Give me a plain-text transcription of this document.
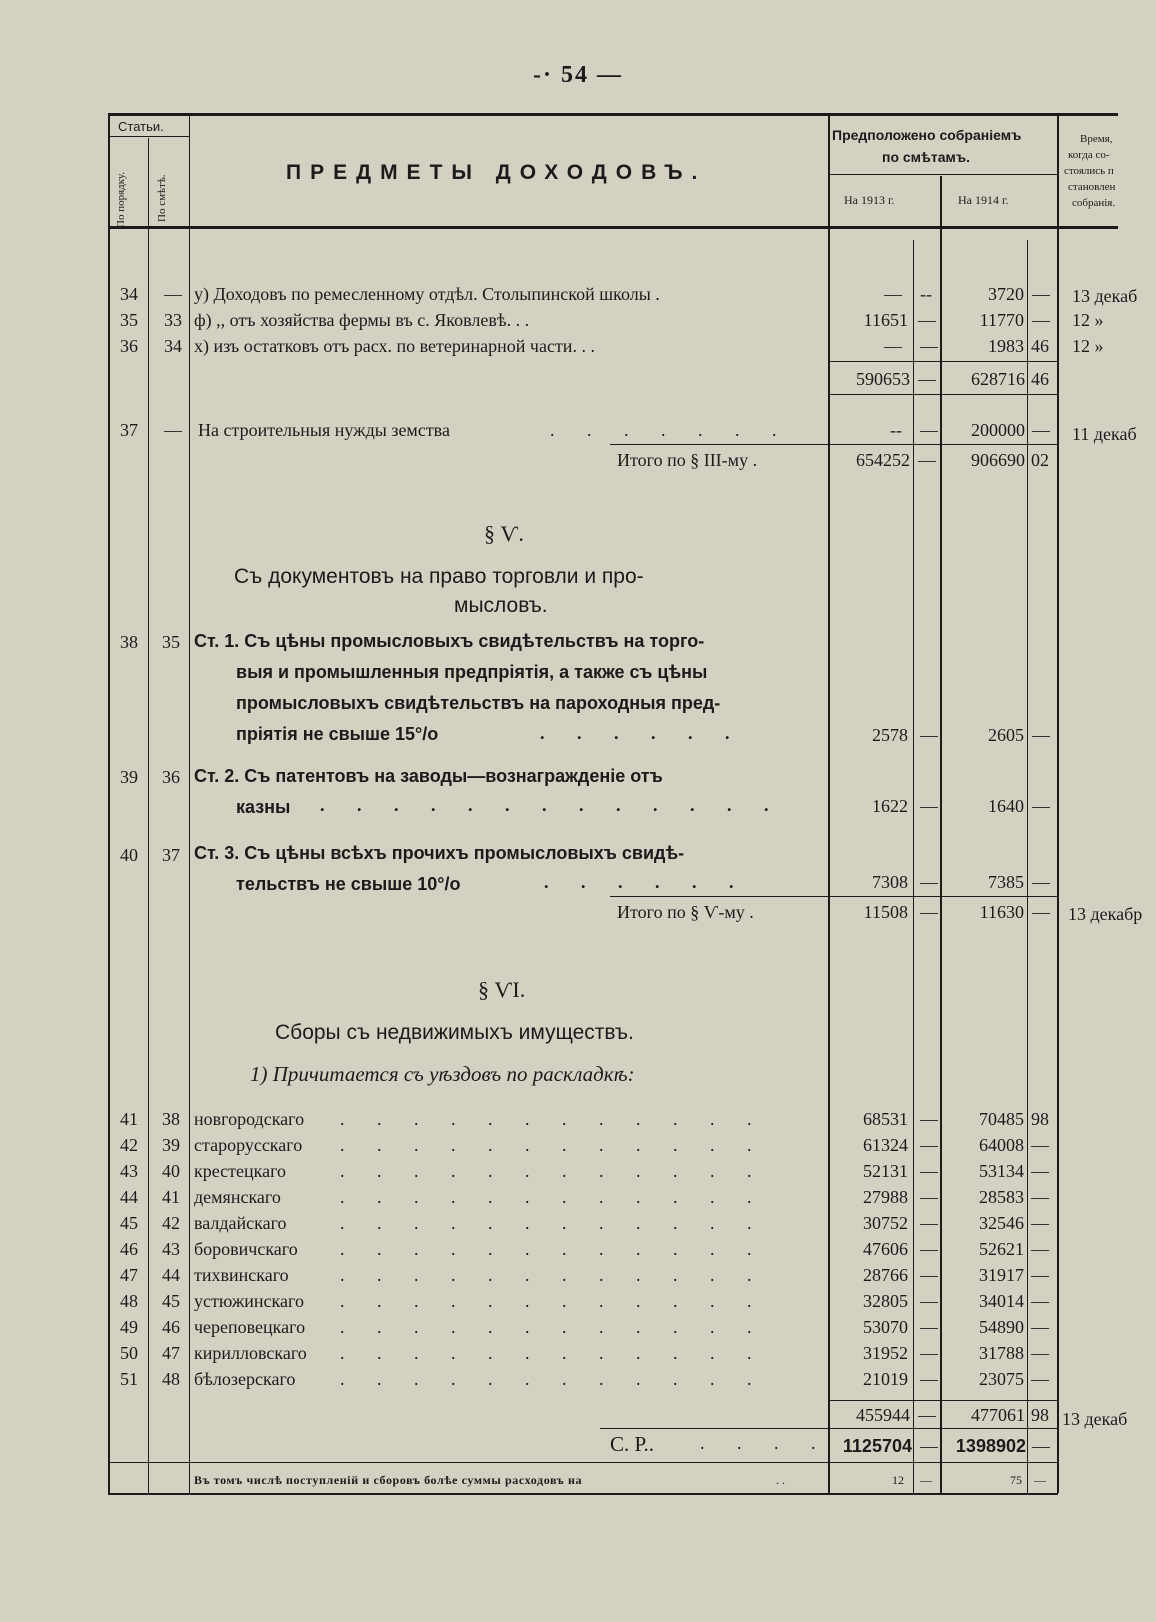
-· 54 —
Статьи.
По порядку.	По смѣтѣ.
ПРЕДМЕТЫ ДОХОДОВЪ.
Предположено собраніемъ
по смѣтамъ.
На 1913 г.	На 1914 г.
Время,
когда со-
стоялись п
становлен
собранія.
34 — у) Доходовъ по ремесленному отдѣл. Столыпинской школы .	— --	3720 — 13 декаб
35 33 ф) ,, отъ хозяйства фермы въ с. Яковлевѣ. . .	11651 —	11770 — 12 »
36 34 х) изъ остатковъ отъ расх. по ветеринарной части. . .	— —	1983 46 12 »
590653 —	628716 46
37 — На строительныя нужды земства	. . . . . . .	-- —	200000 — 11 декаб
Итого по § III-му .	654252 —	906690 02
§ Ѵ.
Съ документовъ на право торговли и про-
мысловъ.
38 35 Ст. 1. Съ цѣны промысловыхъ свидѣтельствъ на торго-
выя и промышленныя предпріятія, а также съ цѣны
промысловыхъ свидѣтельствъ на пароходныя пред-
пріятія не свыше 15°/о	. . . . . .	2578 —	2605 —
39 36 Ст. 2. Съ патентовъ на заводы—вознагражденіе отъ
казны . . . . . . . . . . . . .	1622 —	1640 —
40 37 Ст. 3. Съ цѣны всѣхъ прочихъ промысловыхъ свидѣ-
тельствъ не свыше 10°/о	. . . . . .	7308 —	7385 —
Итого по § Ѵ-му .	11508 —	11630 — 13 декабр
§ ѴІ.
Сборы съ недвижимыхъ имуществъ.
1) Причитается съ уѣздовъ по раскладкѣ:
41 38 новгородскаго	68531 —	70485 98
. . . . . . . . . . . .
42 39 старорусскаго	61324 —	64008 —
. . . . . . . . . . . .
43 40 крестецкаго	52131 —	53134 —
. . . . . . . . . . . .
44 41 демянскаго	27988 —	28583 —
. . . . . . . . . . . .
45 42 валдайскаго	30752 —	32546 —
. . . . . . . . . . . .
46 43 боровичскаго	47606 —	52621 —
. . . . . . . . . . . .
47 44 тихвинскаго	28766 —	31917 —
. . . . . . . . . . . .
48 45 устюжинскаго	32805 —	34014 —
. . . . . . . . . . . .
49 46 череповецкаго	53070 —	54890 —
. . . . . . . . . . . .
50 47 кирилловскаго	31952 —	31788 —
. . . . . . . . . . . .
51 48 бѣлозерскаго	21019 —	23075 —
. . . . . . . . . . . .
455944 —	477061 98 13 декаб
С. Р..	. . . . 1125704 — 1398902 —
Въ томъ числѣ поступленій и сборовъ болѣе суммы расходовъ на	. .	12 —	75 —
